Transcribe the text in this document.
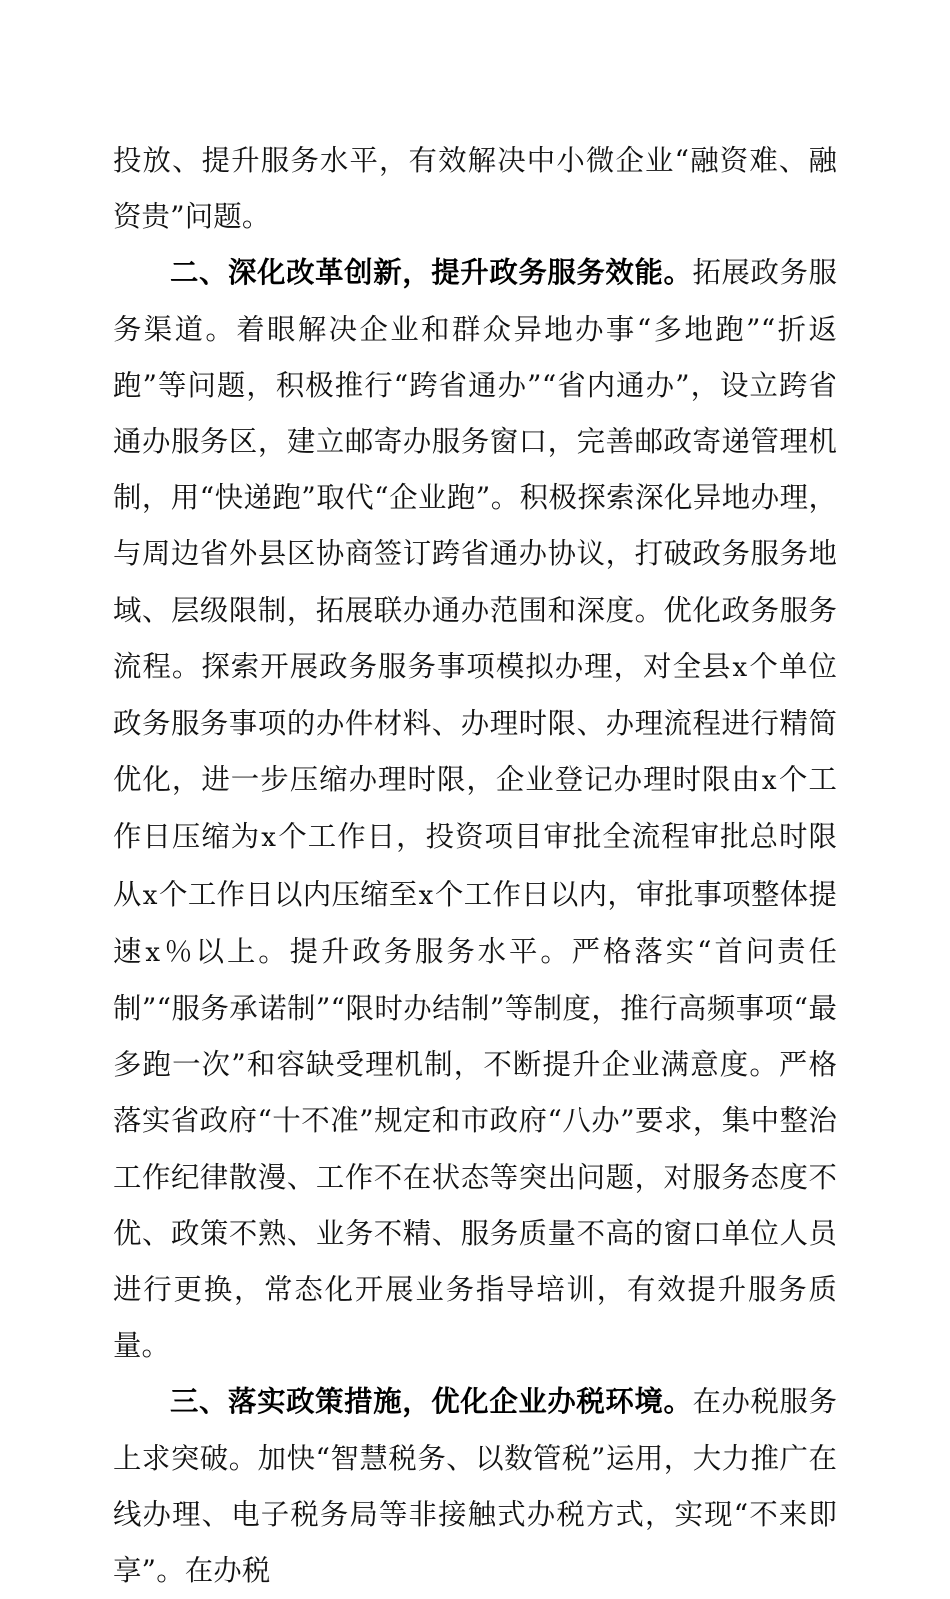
投放、提升服务水平，有效解决中小微企业“融资难、融资贵”问题。

二、深化改革创新，提升政务服务效能。拓展政务服务渠道。着眼解决企业和群众异地办事“多地跑”“折返跑”等问题，积极推行“跨省通办”“省内通办”，设立跨省通办服务区，建立邮寄办服务窗口，完善邮政寄递管理机制，用“快递跑”取代“企业跑”。积极探索深化异地办理，与周边省外县区协商签订跨省通办协议，打破政务服务地域、层级限制，拓展联办通办范围和深度。优化政务服务流程。探索开展政务服务事项模拟办理，对全县x个单位政务服务事项的办件材料、办理时限、办理流程进行精简优化，进一步压缩办理时限，企业登记办理时限由x个工作日压缩为x个工作日，投资项目审批全流程审批总时限从x个工作日以内压缩至x个工作日以内，审批事项整体提速x％以上。提升政务服务水平。严格落实“首问责任制”“服务承诺制”“限时办结制”等制度，推行高频事项“最多跑一次”和容缺受理机制，不断提升企业满意度。严格落实省政府“十不准”规定和市政府“八办”要求，集中整治工作纪律散漫、工作不在状态等突出问题，对服务态度不优、政策不熟、业务不精、服务质量不高的窗口单位人员进行更换，常态化开展业务指导培训，有效提升服务质量。

三、落实政策措施，优化企业办税环境。在办税服务上求突破。加快“智慧税务、以数管税”运用，大力推广在线办理、电子税务局等非接触式办税方式，实现“不来即享”。在办税
